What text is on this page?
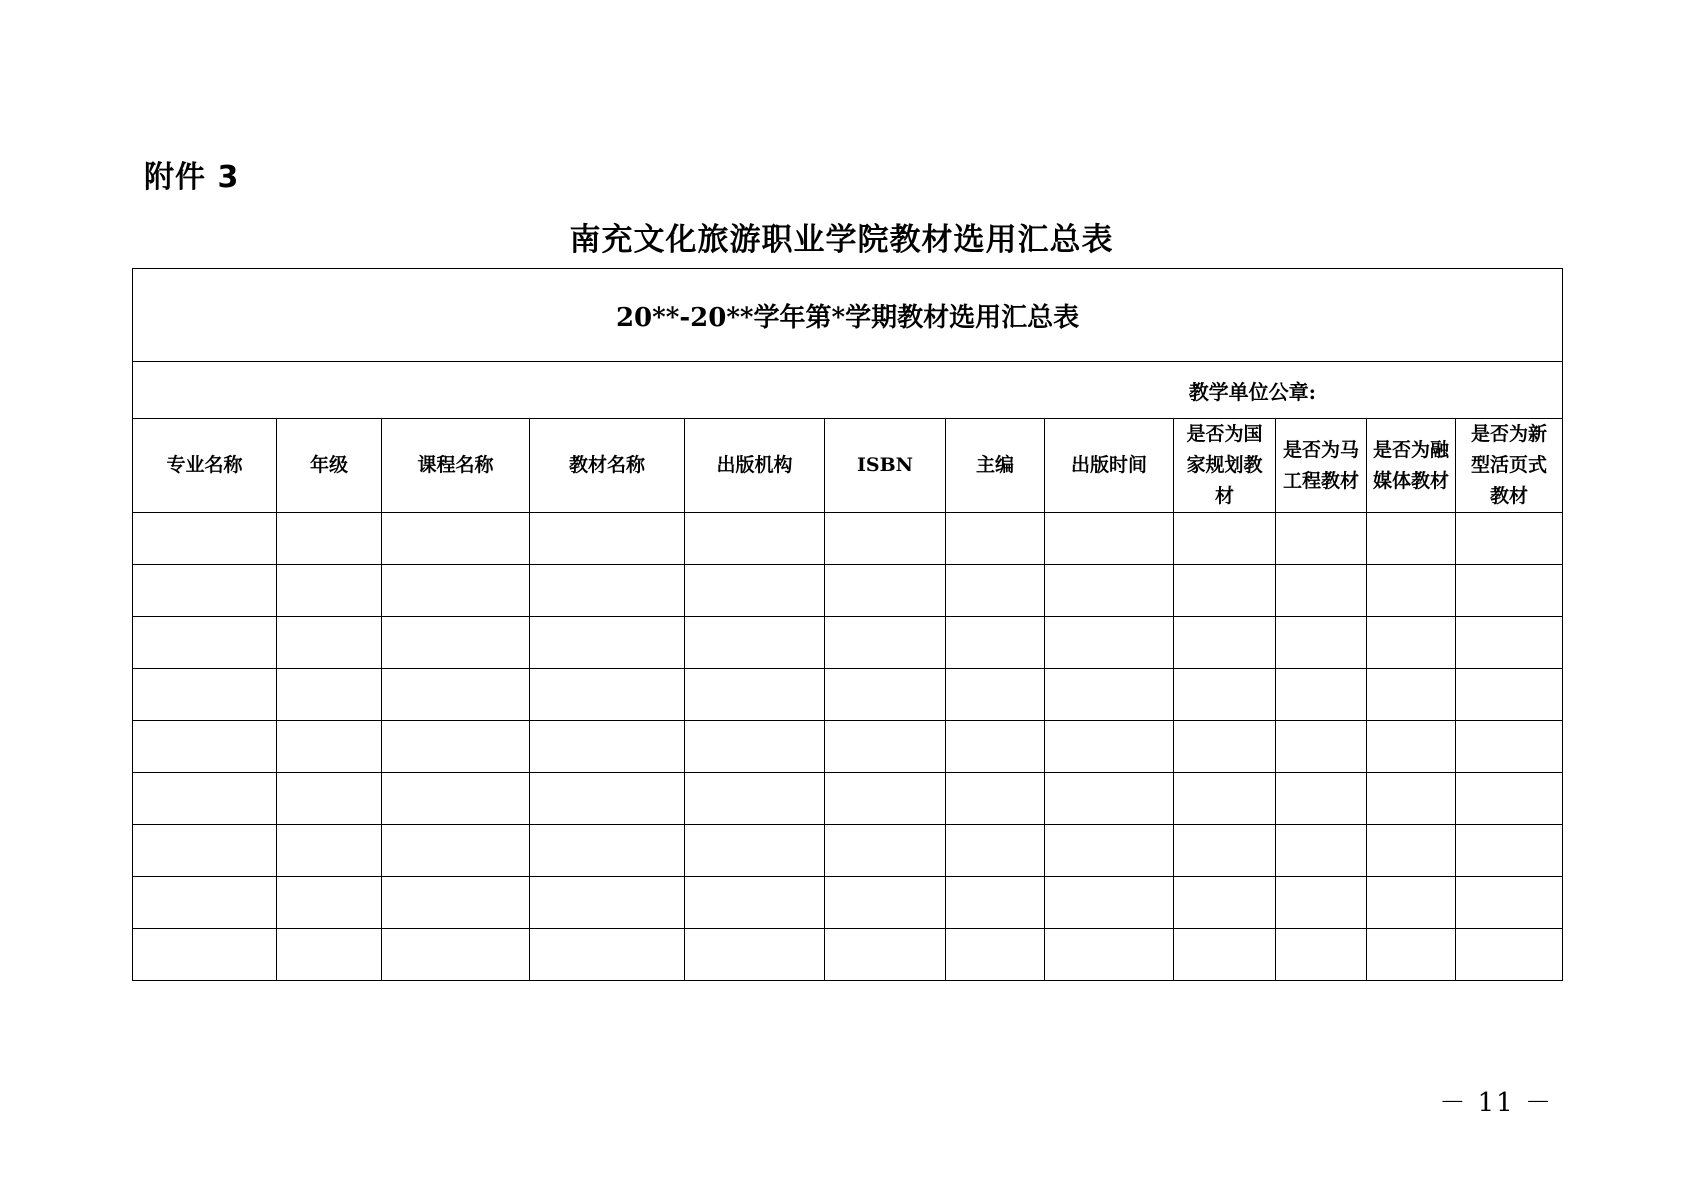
附件 3
南充文化旅游职业学院教材选用汇总表
20**-20**学年第*学期教材选用汇总表											
教学单位公章:											
专业名称	年级	课程名称	教材名称	出版机构	ISBN	主编	出版时间	是否为国家规划教材	是否为马工程教材	是否为融媒体教材	是否为新型活页式教材

－ 11 －
